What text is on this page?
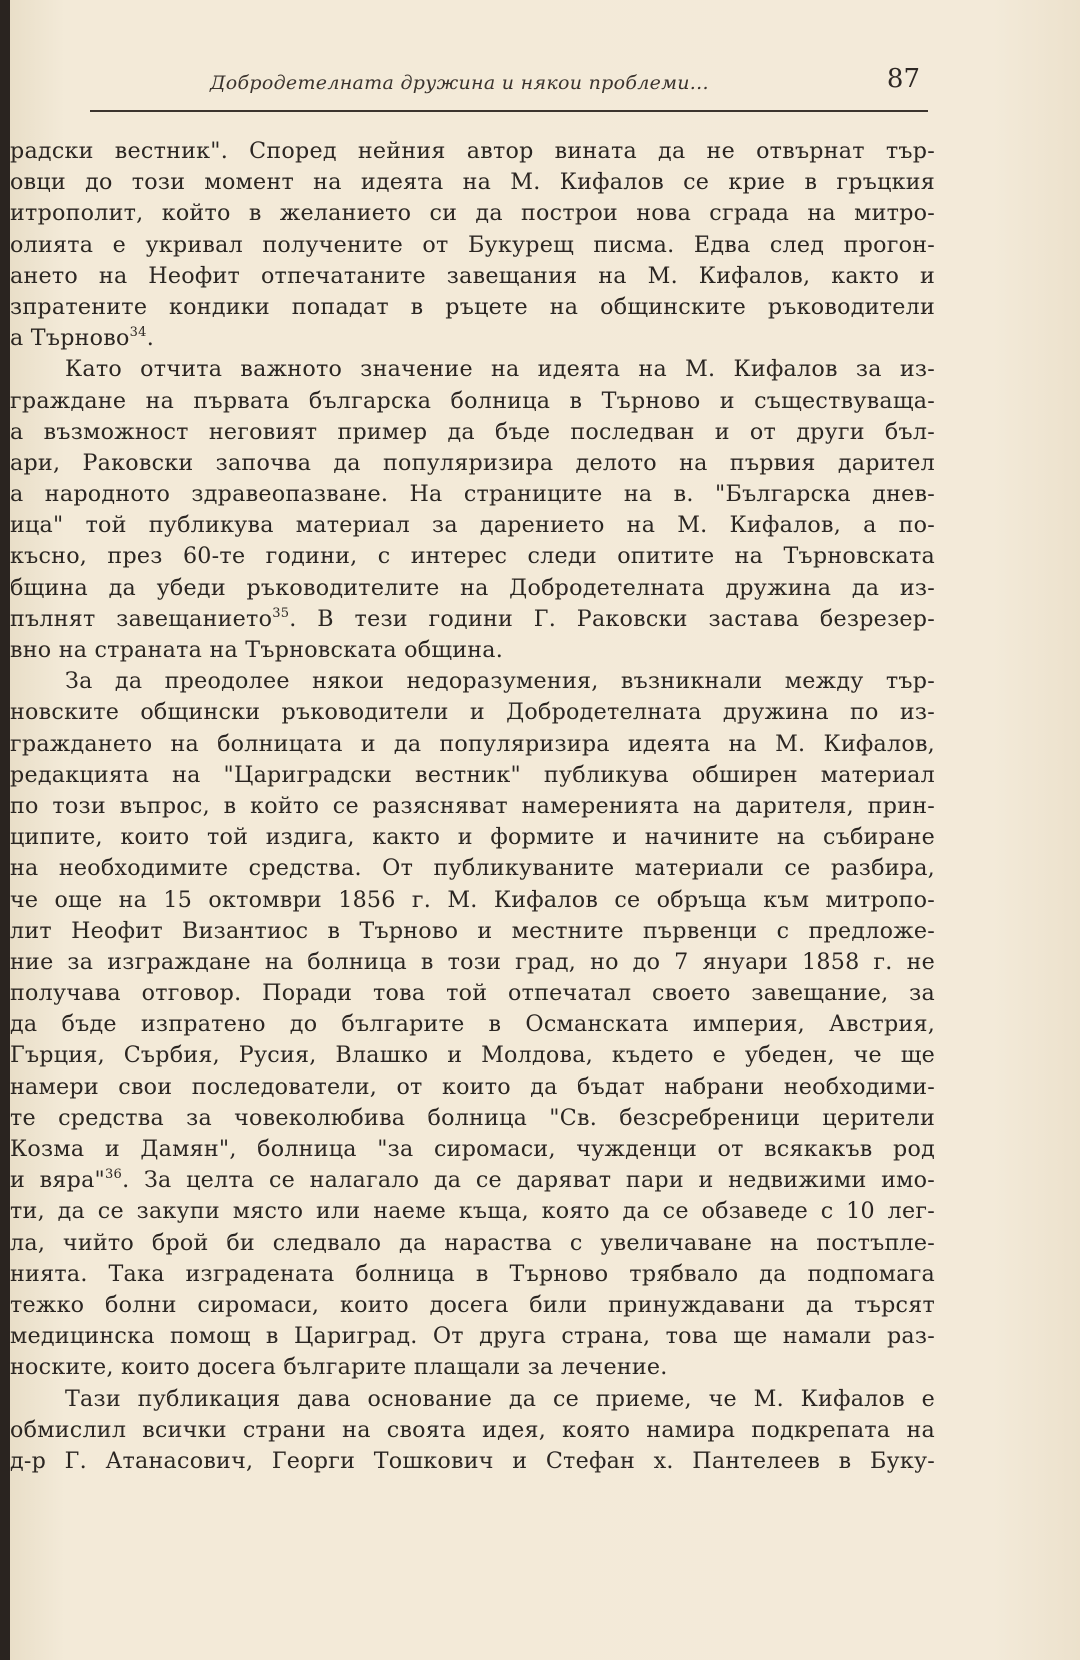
Добродетелната дружина и някои проблеми...	87

радски вестник". Според нейния автор вината да не отвърнат тър-
овци до този момент на идеята на М. Кифалов се крие в гръцкия
итрополит, който в желанието си да построи нова сграда на митро-
олията е укривал получените от Букурещ писма. Едва след прогон-
ането на Неофит отпечатаните завещания на М. Кифалов, както и
зпратените кондики попадат в ръцете на общинските ръководители
а Търново$^{34}$.

Като отчита важното значение на идеята на М. Кифалов за из-
граждане на първата българска болница в Търново и съществуваща-
а възможност неговият пример да бъде последван и от други бъл-
ари, Раковски започва да популяризира делото на първия дарител
а народното здравеопазване. На страниците на в. "Българска днев-
ица" той публикува материал за дарението на М. Кифалов, а по-
късно, през 60-те години, с интерес следи опитите на Търновската
бщина да убеди ръководителите на Добродетелната дружина да из-
пълнят завещанието$^{35}$. В тези години Г. Раковски застава безрезер-
вно на страната на Търновската община.

За да преодолее някои недоразумения, възникнали между тър-
новските общински ръководители и Добродетелната дружина по из-
граждането на болницата и да популяризира идеята на М. Кифалов,
редакцията на "Цариградски вестник" публикува обширен материал
по този въпрос, в който се разясняват намеренията на дарителя, прин-
ципите, които той издига, както и формите и начините на събиране
на необходимите средства. От публикуваните материали се разбира,
че още на 15 октомври 1856 г. М. Кифалов се обръща към митропо-
лит Неофит Византиос в Търново и местните първенци с предложе-
ние за изграждане на болница в този град, но до 7 януари 1858 г. не
получава отговор. Поради това той отпечатал своето завещание, за
да бъде изпратено до българите в Османската империя, Австрия,
Гърция, Сърбия, Русия, Влашко и Молдова, където е убеден, че ще
намери свои последователи, от които да бъдат набрани необходими-
те средства за човеколюбива болница "Св. безсребреници церители
Козма и Дамян", болница "за сиромаси, чужденци от всякакъв род
и вяра"$^{36}$. За целта се налагало да се даряват пари и недвижими имо-
ти, да се закупи място или наеме къща, която да се обзаведе с 10 лег-
ла, чийто брой би следвало да нараства с увеличаване на постъпле-
нията. Така изградената болница в Търново трябвало да подпомага
тежко болни сиромаси, които досега били принуждавани да търсят
медицинска помощ в Цариград. От друга страна, това ще намали раз-
носките, които досега българите плащали за лечение.

Тази публикация дава основание да се приеме, че М. Кифалов е
обмислил всички страни на своята идея, която намира подкрепата на
д-р Г. Атанасович, Георги Тошкович и Стефан х. Пантелеев в Буку-
